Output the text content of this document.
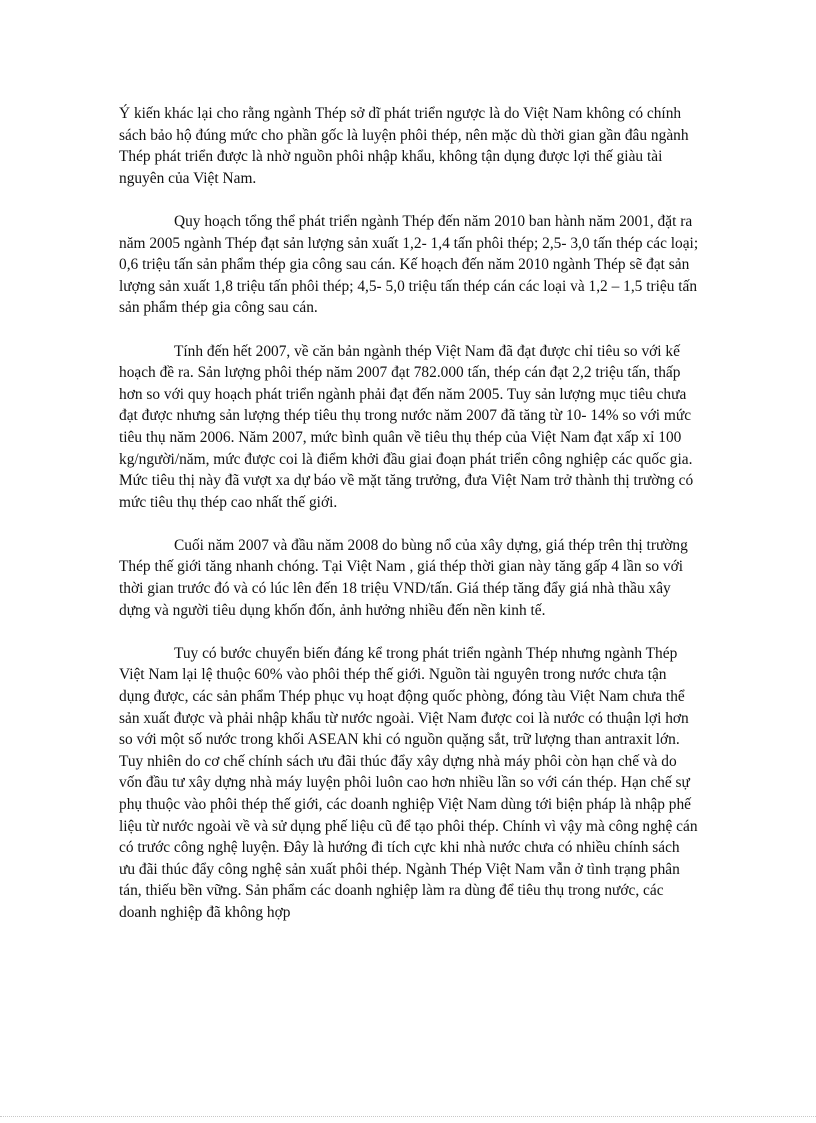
Ý kiến khác lại cho rằng ngành Thép sở dĩ phát triển ngược là do Việt Nam không có chính sách bảo hộ đúng mức cho phần gốc là luyện phôi thép, nên mặc dù thời gian gần đâu ngành Thép phát triển được là nhờ nguồn phôi nhập khẩu, không tận dụng được lợi thế giàu tài nguyên của Việt Nam.

Quy hoạch tổng thể phát triển ngành Thép đến năm 2010 ban hành năm 2001, đặt ra năm 2005 ngành Thép đạt sản lượng sản xuất 1,2- 1,4 tấn phôi thép; 2,5- 3,0 tấn thép các loại; 0,6 triệu tấn sản phẩm thép gia công sau cán. Kế hoạch đến năm 2010 ngành Thép sẽ đạt sản lượng sản xuất 1,8 triệu tấn phôi thép; 4,5- 5,0 triệu tấn thép cán các loại và 1,2 – 1,5 triệu tấn sản phẩm thép gia công sau cán.

Tính đến hết 2007, về căn bản ngành thép Việt Nam đã đạt được chỉ tiêu so với kế hoạch đề ra. Sản lượng phôi thép năm 2007 đạt 782.000 tấn, thép cán đạt 2,2 triệu tấn, thấp hơn so với quy hoạch phát triển ngành phải đạt đến năm 2005. Tuy sản lượng mục tiêu chưa đạt được nhưng sản lượng thép tiêu thụ trong nước năm 2007 đã tăng từ 10- 14% so với mức tiêu thụ năm 2006. Năm 2007, mức bình quân về tiêu thụ thép của Việt Nam đạt xấp xỉ 100 kg/người/năm, mức được coi là điểm khởi đầu giai đoạn phát triển công nghiệp các quốc gia. Mức tiêu thị này đã vượt xa dự báo về mặt tăng trưởng, đưa Việt Nam trở thành thị trường có mức tiêu thụ thép cao nhất thế giới.

Cuối năm 2007 và đầu năm 2008 do bùng nổ của xây dựng, giá thép trên thị trường Thép thế giới tăng nhanh chóng. Tại Việt Nam , giá thép thời gian này tăng gấp 4 lần so với thời gian trước đó và có lúc lên đến 18 triệu VND/tấn. Giá thép tăng đẩy giá nhà thầu xây dựng và người tiêu dụng khốn đốn, ảnh hưởng nhiều đến nền kinh tế.

Tuy có bước chuyển biến đáng kể trong phát triển ngành Thép nhưng ngành Thép Việt Nam lại lệ thuộc 60% vào phôi thép thế giới. Nguồn tài nguyên trong nước chưa tận dụng được, các sản phẩm Thép phục vụ hoạt động quốc phòng, đóng tàu Việt Nam chưa thể sản xuất được và phải nhập khẩu từ nước ngoài. Việt Nam được coi là nước có thuận lợi hơn so với một số nước trong khối ASEAN khi có nguồn quặng sắt, trữ lượng than antraxit lớn. Tuy nhiên do cơ chế chính sách ưu đãi thúc đẩy xây dựng nhà máy phôi còn hạn chế và do vốn đầu tư xây dựng nhà máy luyện phôi luôn cao hơn nhiều lần so với cán thép. Hạn chế sự phụ thuộc vào phôi thép thế giới, các doanh nghiệp Việt Nam dùng tới biện pháp là nhập phế liệu từ nước ngoài về và sử dụng phế liệu cũ để tạo phôi thép. Chính vì vậy mà công nghệ cán có trước công nghệ luyện. Đây là hướng đi tích cực khi nhà nước chưa có nhiều chính sách ưu đãi thúc đẩy công nghệ sản xuất phôi thép. Ngành Thép Việt Nam vẫn ở tình trạng phân tán, thiếu bền vững. Sản phẩm các doanh nghiệp làm ra dùng để tiêu thụ trong nước, các doanh nghiệp đã không hợp
